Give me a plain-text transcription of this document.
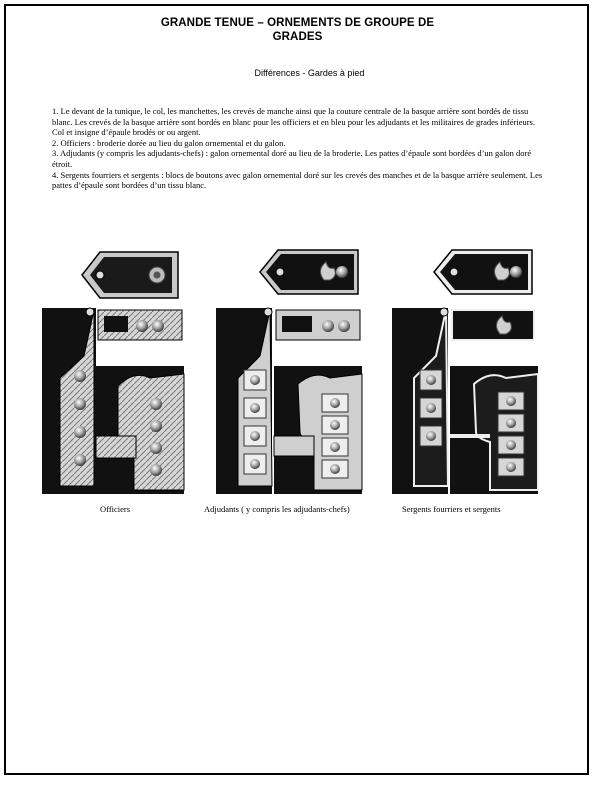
GRANDE TENUE – ORNEMENTS DE GROUPE DE
GRADES
Différences - Gardes à pied

1. Le devant de la tunique, le col, les manchettes, les crevés de manche ainsi que la couture centrale de la basque arrière sont bordés de tissu blanc. Les crevés de la basque arrière sont bordés en blanc pour les officiers et en bleu pour les adjudants et les militaires de grades inférieurs. Col et insigne d’épaule brodés or ou argent.

2. Officiers : broderie dorée au lieu du galon ornemental et du galon.

3. Adjudants (y compris les adjudants-chefs) : galon ornemental doré au lieu de la broderie. Les pattes d’épaule sont bordées d’un galon doré étroit.

4. Sergents fourriers et sergents : blocs de boutons avec galon ornemental doré sur les crevés des manches et de la basque arrière seulement. Les pattes d’épaule sont bordées d’un tissu blanc.

Officiers	Adjudants ( y compris les adjudants-chefs)	Sergents fourriers et sergents
